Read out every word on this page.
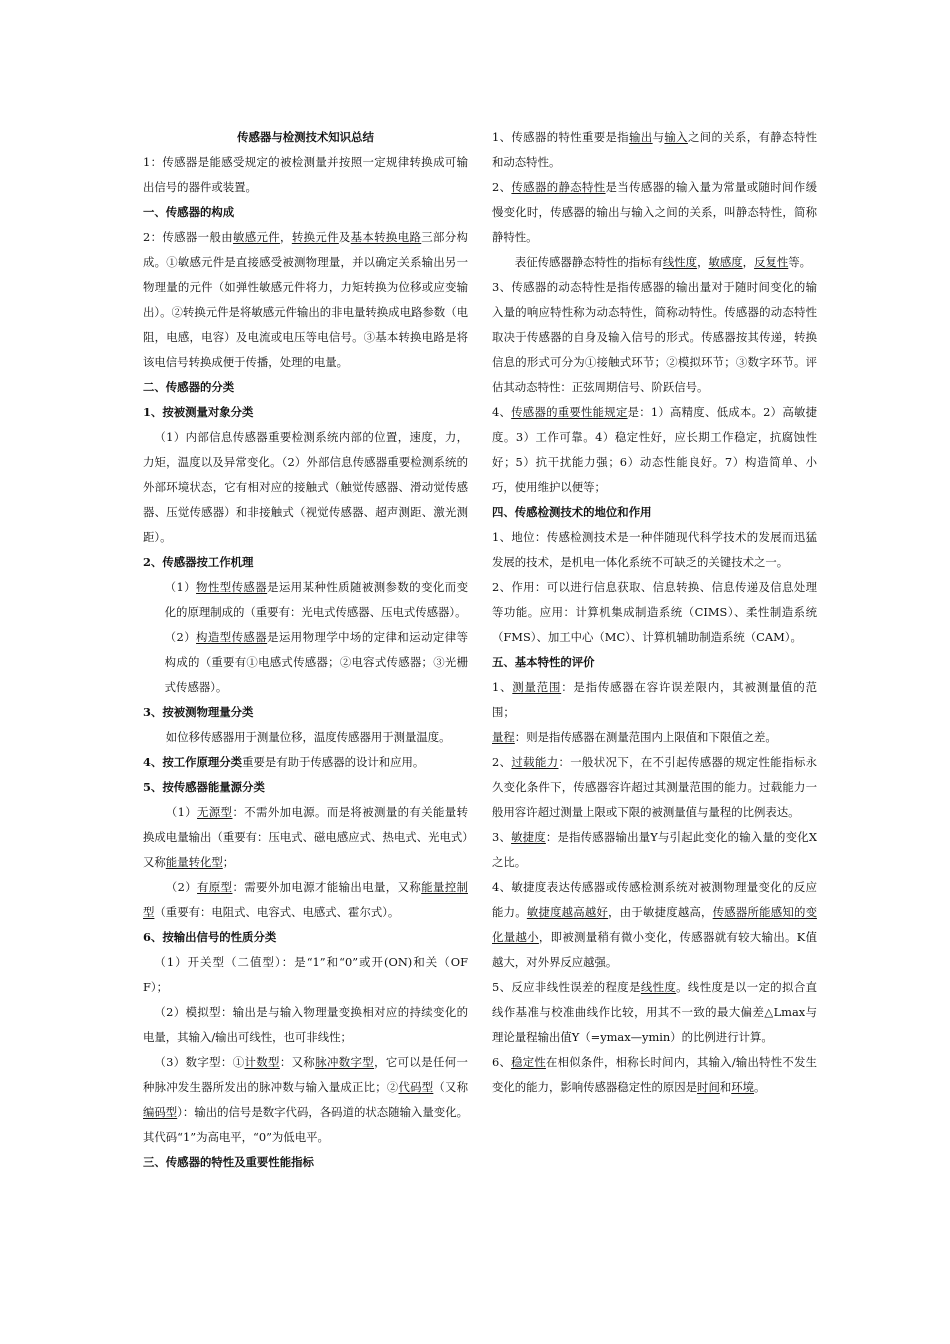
传感器与检测技术知识总结

1：传感器是能感受规定的被检测量并按照一定规律转换成可输出信号的器件或装置。

一、传感器的构成

2：传感器一般由敏感元件，转换元件及基本转换电路三部分构成。①敏感元件是直接感受被测物理量，并以确定关系输出另一物理量的元件（如弹性敏感元件将力，力矩转换为位移或应变输出）。②转换元件是将敏感元件输出的非电量转换成电路参数（电阻，电感，电容）及电流或电压等电信号。③基本转换电路是将该电信号转换成便于传播，处理的电量。

二、传感器的分类

1、按被测量对象分类

（1）内部信息传感器重要检测系统内部的位置，速度，力，力矩，温度以及异常变化。（2）外部信息传感器重要检测系统的外部环境状态，它有相对应的接触式（触觉传感器、滑动觉传感器、压觉传感器）和非接触式（视觉传感器、超声测距、激光测距）。

2、传感器按工作机理

（1）物性型传感器是运用某种性质随被测参数的变化而变化的原理制成的（重要有：光电式传感器、压电式传感器）。

（2）构造型传感器是运用物理学中场的定律和运动定律等构成的（重要有①电感式传感器；②电容式传感器；③光栅式传感器）。

3、按被测物理量分类

如位移传感器用于测量位移，温度传感器用于测量温度。

4、按工作原理分类重要是有助于传感器的设计和应用。

5、按传感器能量源分类

（1）无源型：不需外加电源。而是将被测量的有关能量转换成电量输出（重要有：压电式、磁电感应式、热电式、光电式）又称能量转化型；

（2）有原型：需要外加电源才能输出电量，又称能量控制型（重要有：电阻式、电容式、电感式、霍尔式）。

6、按输出信号的性质分类

（1）开关型（二值型）：是“1”和“0”或开(ON)和关（OFF）；

（2）模拟型：输出是与输入物理量变换相对应的持续变化的电量，其输入/输出可线性，也可非线性；

（3）数字型：①计数型：又称脉冲数字型，它可以是任何一种脉冲发生器所发出的脉冲数与输入量成正比；②代码型（又称编码型）：输出的信号是数字代码，各码道的状态随输入量变化。其代码“1”为高电平，“0”为低电平。

三、传感器的特性及重要性能指标

1、传感器的特性重要是指输出与输入之间的关系，有静态特性和动态特性。

2、传感器的静态特性是当传感器的输入量为常量或随时间作缓慢变化时，传感器的输出与输入之间的关系，叫静态特性，简称静特性。

表征传感器静态特性的指标有线性度，敏感度，反复性等。

3、传感器的动态特性是指传感器的输出量对于随时间变化的输入量的响应特性称为动态特性，简称动特性。传感器的动态特性取决于传感器的自身及输入信号的形式。传感器按其传递，转换信息的形式可分为①接触式环节；②模拟环节；③数字环节。评估其动态特性：正弦周期信号、阶跃信号。

4、传感器的重要性能规定是：1）高精度、低成本。2）高敏捷度。3）工作可靠。4）稳定性好，应长期工作稳定，抗腐蚀性好；5）抗干扰能力强；6）动态性能良好。7）构造简单、小巧，使用维护以便等；

四、传感检测技术的地位和作用

1、地位：传感检测技术是一种伴随现代科学技术的发展而迅猛发展的技术，是机电一体化系统不可缺乏的关键技术之一。

2、作用：可以进行信息获取、信息转换、信息传递及信息处理等功能。应用：计算机集成制造系统（CIMS）、柔性制造系统（FMS）、加工中心（MC）、计算机辅助制造系统（CAM）。

五、基本特性的评价

1、测量范围：是指传感器在容许误差限内，其被测量值的范围；

量程：则是指传感器在测量范围内上限值和下限值之差。

2、过载能力：一般状况下，在不引起传感器的规定性能指标永久变化条件下，传感器容许超过其测量范围的能力。过载能力一般用容许超过测量上限或下限的被测量值与量程的比例表达。

3、敏捷度：是指传感器输出量Y与引起此变化的输入量的变化X之比。

4、敏捷度表达传感器或传感检测系统对被测物理量变化的反应能力。敏捷度越高越好，由于敏捷度越高，传感器所能感知的变化量越小，即被测量稍有微小变化，传感器就有较大输出。K值越大，对外界反应越强。

5、反应非线性误差的程度是线性度。线性度是以一定的拟合直线作基准与校准曲线作比较，用其不一致的最大偏差△Lmax与理论量程输出值Y（=ymax—ymin）的比例进行计算。

6、稳定性在相似条件，相称长时间内，其输入/输出特性不发生变化的能力，影响传感器稳定性的原因是时间和环境。
